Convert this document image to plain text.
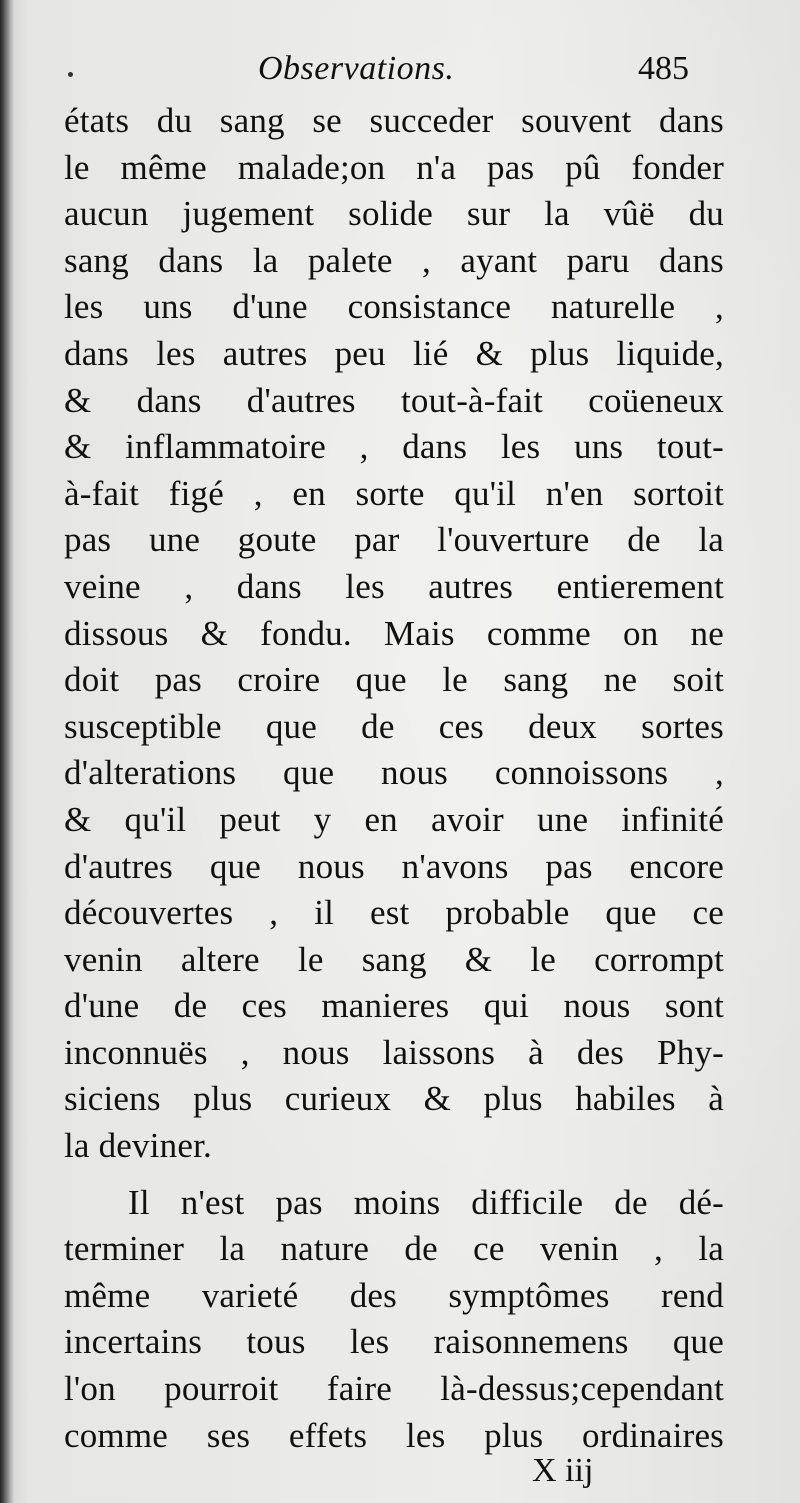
Observations.	485
états du sang se succeder souvent dans
le même malade;on n'a pas pû fonder
aucun jugement solide sur la vûë du
sang dans la palete , ayant paru dans
les uns d'une consistance naturelle ,
dans les autres peu lié & plus liquide,
& dans d'autres tout-à-fait coüeneux
& inflammatoire , dans les uns tout-
à-fait figé , en sorte qu'il n'en sortoit
pas une goute par l'ouverture de la
veine , dans les autres entierement
dissous & fondu. Mais comme on ne
doit pas croire que le sang ne soit
susceptible que de ces deux sortes
d'alterations que nous connoissons ,
& qu'il peut y en avoir une infinité
d'autres que nous n'avons pas encore
découvertes , il est probable que ce
venin altere le sang & le corrompt
d'une de ces manieres qui nous sont
inconnuës , nous laissons à des Phy-
siciens plus curieux & plus habiles à
la deviner.
Il n'est pas moins difficile de dé-
terminer la nature de ce venin , la
même varieté des symptômes rend
incertains tous les raisonnemens que
l'on pourroit faire là-dessus;cependant
comme ses effets les plus ordinaires
X iij
